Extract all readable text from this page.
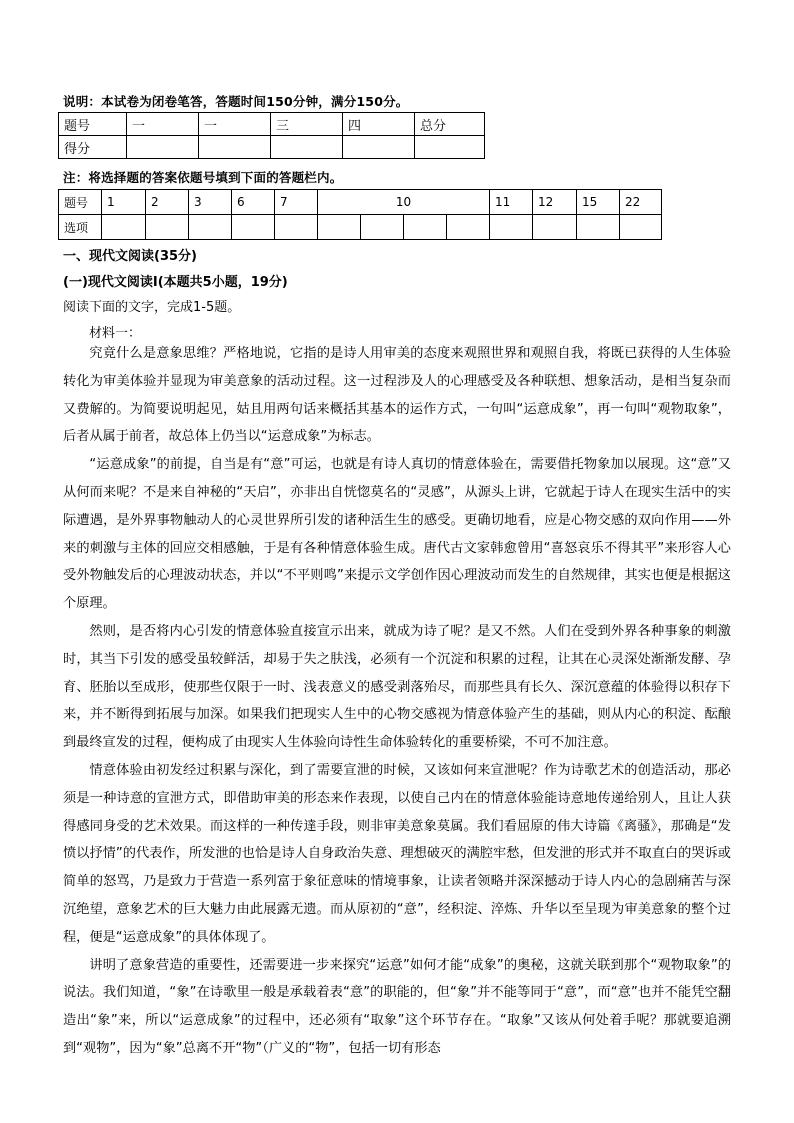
说明：本试卷为闭卷笔答，答题时间150分钟，满分150分。
题号	一	一	三	四	总分
得分					
注：将选择题的答案依题号填到下面的答题栏内。
题号	1	2	3	6	7	10				11	12	15	22
选项													
一、现代文阅读(35分)
(一)现代文阅读Ⅰ(本题共5小题，19分)
阅读下面的文字，完成1-5题。
材料一：

究竟什么是意象思维？严格地说，它指的是诗人用审美的态度来观照世界和观照自我，将既已获得的人生体验转化为审美体验并显现为审美意象的活动过程。这一过程涉及人的心理感受及各种联想、想象活动，是相当复杂而又费解的。为简要说明起见，姑且用两句话来概括其基本的运作方式，一句叫“运意成象”，再一句叫“观物取象”，后者从属于前者，故总体上仍当以“运意成象”为标志。

“运意成象”的前提，自当是有“意”可运，也就是有诗人真切的情意体验在，需要借托物象加以展现。这“意”又从何而来呢？不是来自神秘的“天启”，亦非出自恍惚莫名的“灵感”，从源头上讲，它就起于诗人在现实生活中的实际遭遇，是外界事物触动人的心灵世界所引发的诸种活生生的感受。更确切地看，应是心物交感的双向作用——外来的刺激与主体的回应交相感触，于是有各种情意体验生成。唐代古文家韩愈曾用“喜怒哀乐不得其平”来形容人心受外物触发后的心理波动状态，并以“不平则鸣”来提示文学创作因心理波动而发生的自然规律，其实也便是根据这个原理。

然则，是否将内心引发的情意体验直接宣示出来，就成为诗了呢？是又不然。人们在受到外界各种事象的刺激时，其当下引发的感受虽较鲜活，却易于失之肤浅，必须有一个沉淀和积累的过程，让其在心灵深处渐渐发酵、孕育、胚胎以至成形，使那些仅限于一时、浅表意义的感受剥落殆尽，而那些具有长久、深沉意蕴的体验得以积存下来，并不断得到拓展与加深。如果我们把现实人生中的心物交感视为情意体验产生的基础，则从内心的积淀、酝酿到最终宣发的过程，便构成了由现实人生体验向诗性生命体验转化的重要桥梁，不可不加注意。

情意体验由初发经过积累与深化，到了需要宣泄的时候，又该如何来宣泄呢？作为诗歌艺术的创造活动，那必须是一种诗意的宣泄方式，即借助审美的形态来作表现，以使自己内在的情意体验能诗意地传递给别人，且让人获得感同身受的艺术效果。而这样的一种传達手段，则非审美意象莫属。我们看屈原的伟大诗篇《离骚》，那确是“发愤以抒情”的代表作，所发泄的也恰是诗人自身政治失意、理想破灭的满腔牢愁，但发泄的形式并不取直白的哭诉或简单的怒骂，乃是致力于营造一系列富于象征意味的情境事象，让读者领略并深深撼动于诗人内心的急剧痛苦与深沉绝望，意象艺术的巨大魅力由此展露无遗。而从原初的“意”，经积淀、淬炼、升华以至呈现为审美意象的整个过程，便是“运意成象”的具体体现了。

讲明了意象营造的重要性，还需要进一步来探究“运意”如何才能“成象”的奥秘，这就关联到那个“观物取象”的说法。我们知道，“象”在诗歌里一般是承载着表“意”的职能的，但“象”并不能等同于“意”，而“意”也并不能凭空翻造出“象”来，所以“运意成象”的过程中，还必须有“取象”这个环节存在。“取象”又该从何处着手呢？那就要追溯到“观物”，因为“象”总离不开“物”（广义的“物”，包括一切有形态
